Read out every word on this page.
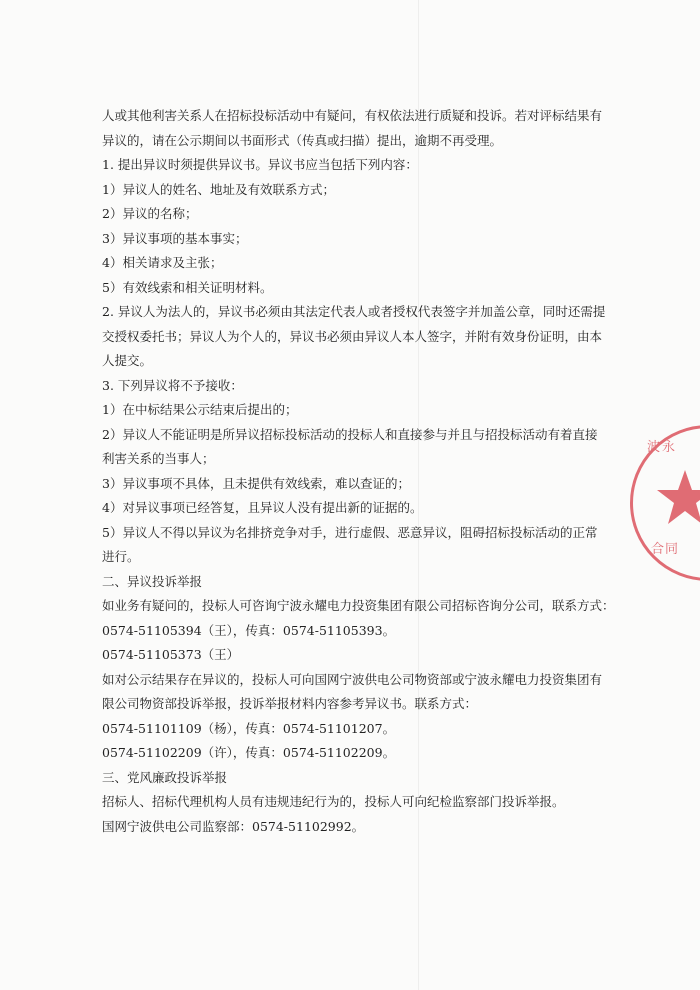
人或其他利害关系人在招标投标活动中有疑问，有权依法进行质疑和投诉。若对评标结果有

异议的，请在公示期间以书面形式（传真或扫描）提出，逾期不再受理。

1. 提出异议时须提供异议书。异议书应当包括下列内容：

1）异议人的姓名、地址及有效联系方式；

2）异议的名称；

3）异议事项的基本事实；

4）相关请求及主张；

5）有效线索和相关证明材料。

2. 异议人为法人的，异议书必须由其法定代表人或者授权代表签字并加盖公章，同时还需提

交授权委托书；异议人为个人的，异议书必须由异议人本人签字，并附有效身份证明，由本

人提交。

3. 下列异议将不予接收：

1）在中标结果公示结束后提出的；

2）异议人不能证明是所异议招标投标活动的投标人和直接参与并且与招投标活动有着直接

利害关系的当事人；

3）异议事项不具体，且未提供有效线索，难以查证的；

4）对异议事项已经答复，且异议人没有提出新的证据的。

5）异议人不得以异议为名排挤竞争对手，进行虚假、恶意异议，阻碍招标投标活动的正常

进行。

二、异议投诉举报

如业务有疑问的，投标人可咨询宁波永耀电力投资集团有限公司招标咨询分公司，联系方式：

0574-51105394（王），传真：0574-51105393。

0574-51105373（王）

如对公示结果存在异议的，投标人可向国网宁波供电公司物资部或宁波永耀电力投资集团有

限公司物资部投诉举报，投诉举报材料内容参考异议书。联系方式：

0574-51101109（杨），传真：0574-51101207。

0574-51102209（许），传真：0574-51102209。

三、党风廉政投诉举报

招标人、招标代理机构人员有违规违纪行为的，投标人可向纪检监察部门投诉举报。

国网宁波供电公司监察部：0574-51102992。

波永
合同
